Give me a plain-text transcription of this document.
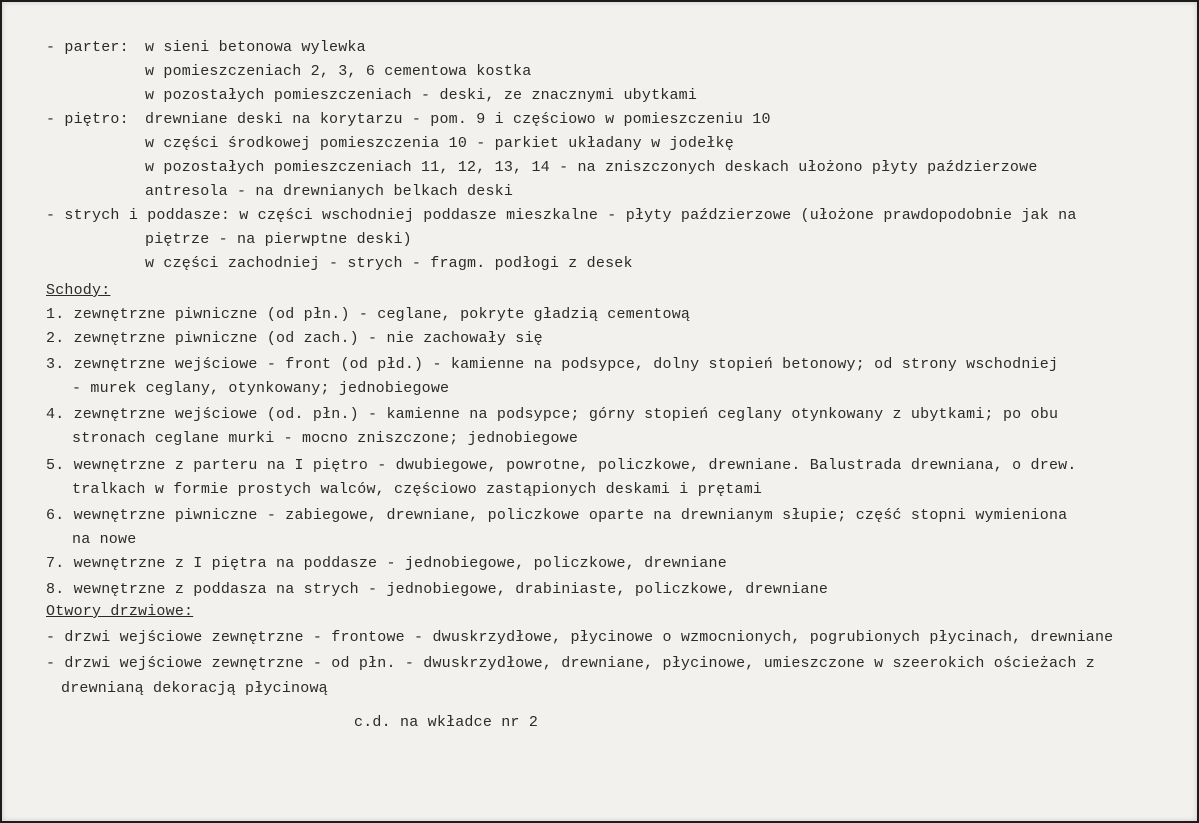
- parter: w sieni betonowa wylewka
w pomieszczeniach 2, 3, 6 cementowa kostka
w pozostałych pomieszczeniach - deski, ze znacznymi ubytkami
- piętro: drewniane deski na korytarzu - pom. 9 i częściowo w pomieszczeniu 10
w części środkowej pomieszczenia 10 - parkiet układany w jodełkę
w pozostałych pomieszczeniach 11, 12, 13, 14 - na zniszczonych deskach ułożono płyty paździerzowe
antresola - na drewnianych belkach deski
- strych i poddasze: w części wschodniej poddasze mieszkalne - płyty paździerzowe (ułożone prawdopodobnie jak na
piętrze - na pierwptne deski)
w części zachodniej - strych - fragm. podłogi z desek
Schody:
1. zewnętrzne piwniczne (od płn.) - ceglane, pokryte gładzią cementową
2. zewnętrzne piwniczne (od zach.) - nie zachowały się
3. zewnętrzne wejściowe - front (od płd.) - kamienne na podsypce, dolny stopień betonowy; od strony wschodniej
- murek ceglany, otynkowany; jednobiegowe
4. zewnętrzne wejściowe (od. płn.) - kamienne na podsypce; górny stopień ceglany otynkowany z ubytkami; po obu
stronach ceglane murki - mocno zniszczone; jednobiegowe
5. wewnętrzne z parteru na I piętro - dwubiegowe, powrotne, policzkowe, drewniane. Balustrada drewniana, o drew.
tralkach w formie prostych walców, częściowo zastąpionych deskami i prętami
6. wewnętrzne piwniczne - zabiegowe, drewniane, policzkowe oparte na drewnianym słupie; część stopni wymieniona
na nowe
7. wewnętrzne z I piętra na poddasze - jednobiegowe, policzkowe, drewniane
8. wewnętrzne z poddasza na strych - jednobiegowe, drabiniaste, policzkowe, drewniane
Otwory drzwiowe:
- drzwi wejściowe zewnętrzne - frontowe - dwuskrzydłowe, płycinowe o wzmocnionych, pogrubionych płycinach, drewniane
- drzwi wejściowe zewnętrzne - od płn. - dwuskrzydłowe, drewniane, płycinowe, umieszczone w szeerokich ościeżach z
drewnianą dekoracją płycinową
c.d. na wkładce nr 2
